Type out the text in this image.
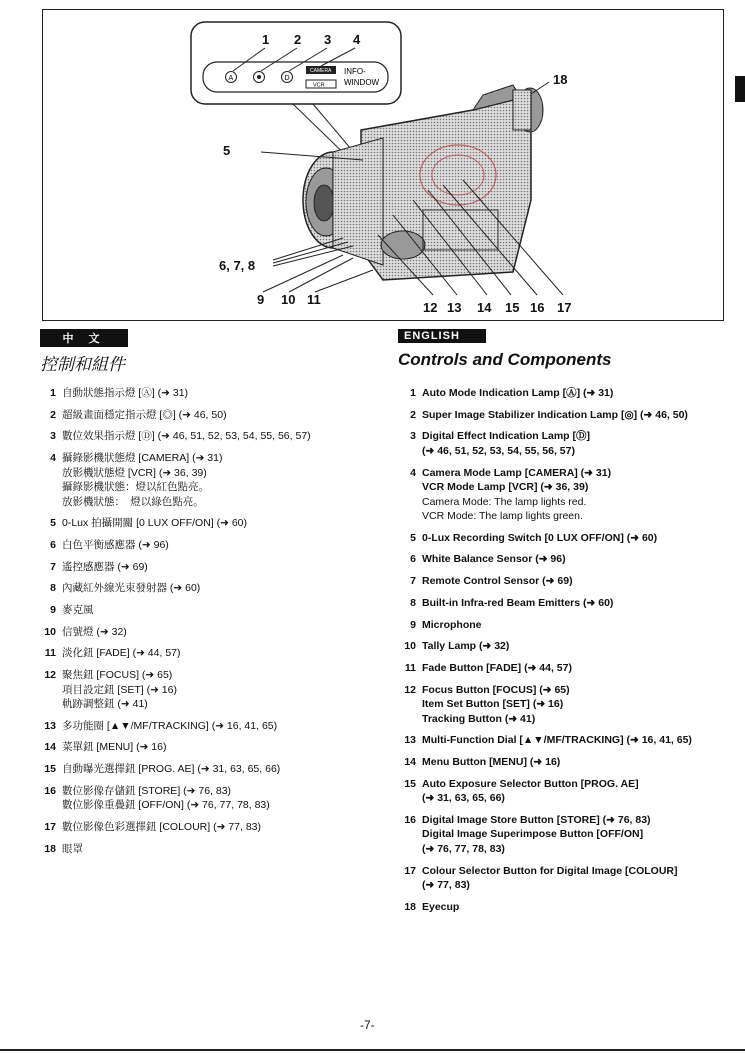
A	D
INFO-
WINDOW
CAMERA
VCR
1 2 3 4
5
6, 7, 8
9 10 11
12 13 14 15 16 17
18
中 文	ENGLISH
控制和組件	Controls and Components
1 自動狀態指示燈 [Ⓐ] (➜ 31)
2 超級畫面穩定指示燈 [◎] (➜ 46, 50)
3 數位效果指示燈 [Ⓓ] (➜ 46, 51, 52, 53, 54, 55, 56, 57)
4 攝錄影機狀態燈 [CAMERA] (➜ 31)
放影機狀態燈 [VCR] (➜ 36, 39)
攝錄影機狀態：燈以紅色點亮。
放影機狀態：　燈以綠色點亮。
5 0-Lux 拍攝開關 [0 LUX OFF/ON] (➜ 60)
6 白色平衡感應器 (➜ 96)
7 遙控感應器 (➜ 69)
8 內藏紅外線光束發射器 (➜ 60)
9 麥克風
10 信號燈 (➜ 32)
11 淡化鈕 [FADE] (➜ 44, 57)
12 聚焦鈕 [FOCUS] (➜ 65)
項目設定鈕 [SET] (➜ 16)
軌跡調整鈕 (➜ 41)
13 多功能圈 [▲▼/MF/TRACKING] (➜ 16, 41, 65)
14 菜單鈕 [MENU] (➜ 16)
15 自動曝光選擇鈕 [PROG. AE] (➜ 31, 63, 65, 66)
16 數位影像存儲鈕 [STORE] (➜ 76, 83)
數位影像重疊鈕 [OFF/ON] (➜ 76, 77, 78, 83)
17 數位影像色彩選擇鈕 [COLOUR] (➜ 77, 83)
18 眼罩
1 Auto Mode Indication Lamp [Ⓐ] (➜ 31)
2 Super Image Stabilizer Indication Lamp [◎] (➜ 46, 50)
3 Digital Effect Indication Lamp [Ⓓ]
(➜ 46, 51, 52, 53, 54, 55, 56, 57)
4 Camera Mode Lamp [CAMERA] (➜ 31)
VCR Mode Lamp [VCR] (➜ 36, 39)
Camera Mode: The lamp lights red.
VCR Mode: The lamp lights green.
5 0-Lux Recording Switch [0 LUX OFF/ON] (➜ 60)
6 White Balance Sensor (➜ 96)
7 Remote Control Sensor (➜ 69)
8 Built-in Infra-red Beam Emitters (➜ 60)
9 Microphone
10 Tally Lamp (➜ 32)
11 Fade Button [FADE] (➜ 44, 57)
12 Focus Button [FOCUS] (➜ 65)
Item Set Button [SET] (➜ 16)
Tracking Button (➜ 41)
13 Multi-Function Dial [▲▼/MF/TRACKING] (➜ 16, 41, 65)
14 Menu Button [MENU] (➜ 16)
15 Auto Exposure Selector Button [PROG. AE]
(➜ 31, 63, 65, 66)
16 Digital Image Store Button [STORE] (➜ 76, 83)
Digital Image Superimpose Button [OFF/ON]
(➜ 76, 77, 78, 83)
17 Colour Selector Button for Digital Image [COLOUR]
(➜ 77, 83)
18 Eyecup
-7-
